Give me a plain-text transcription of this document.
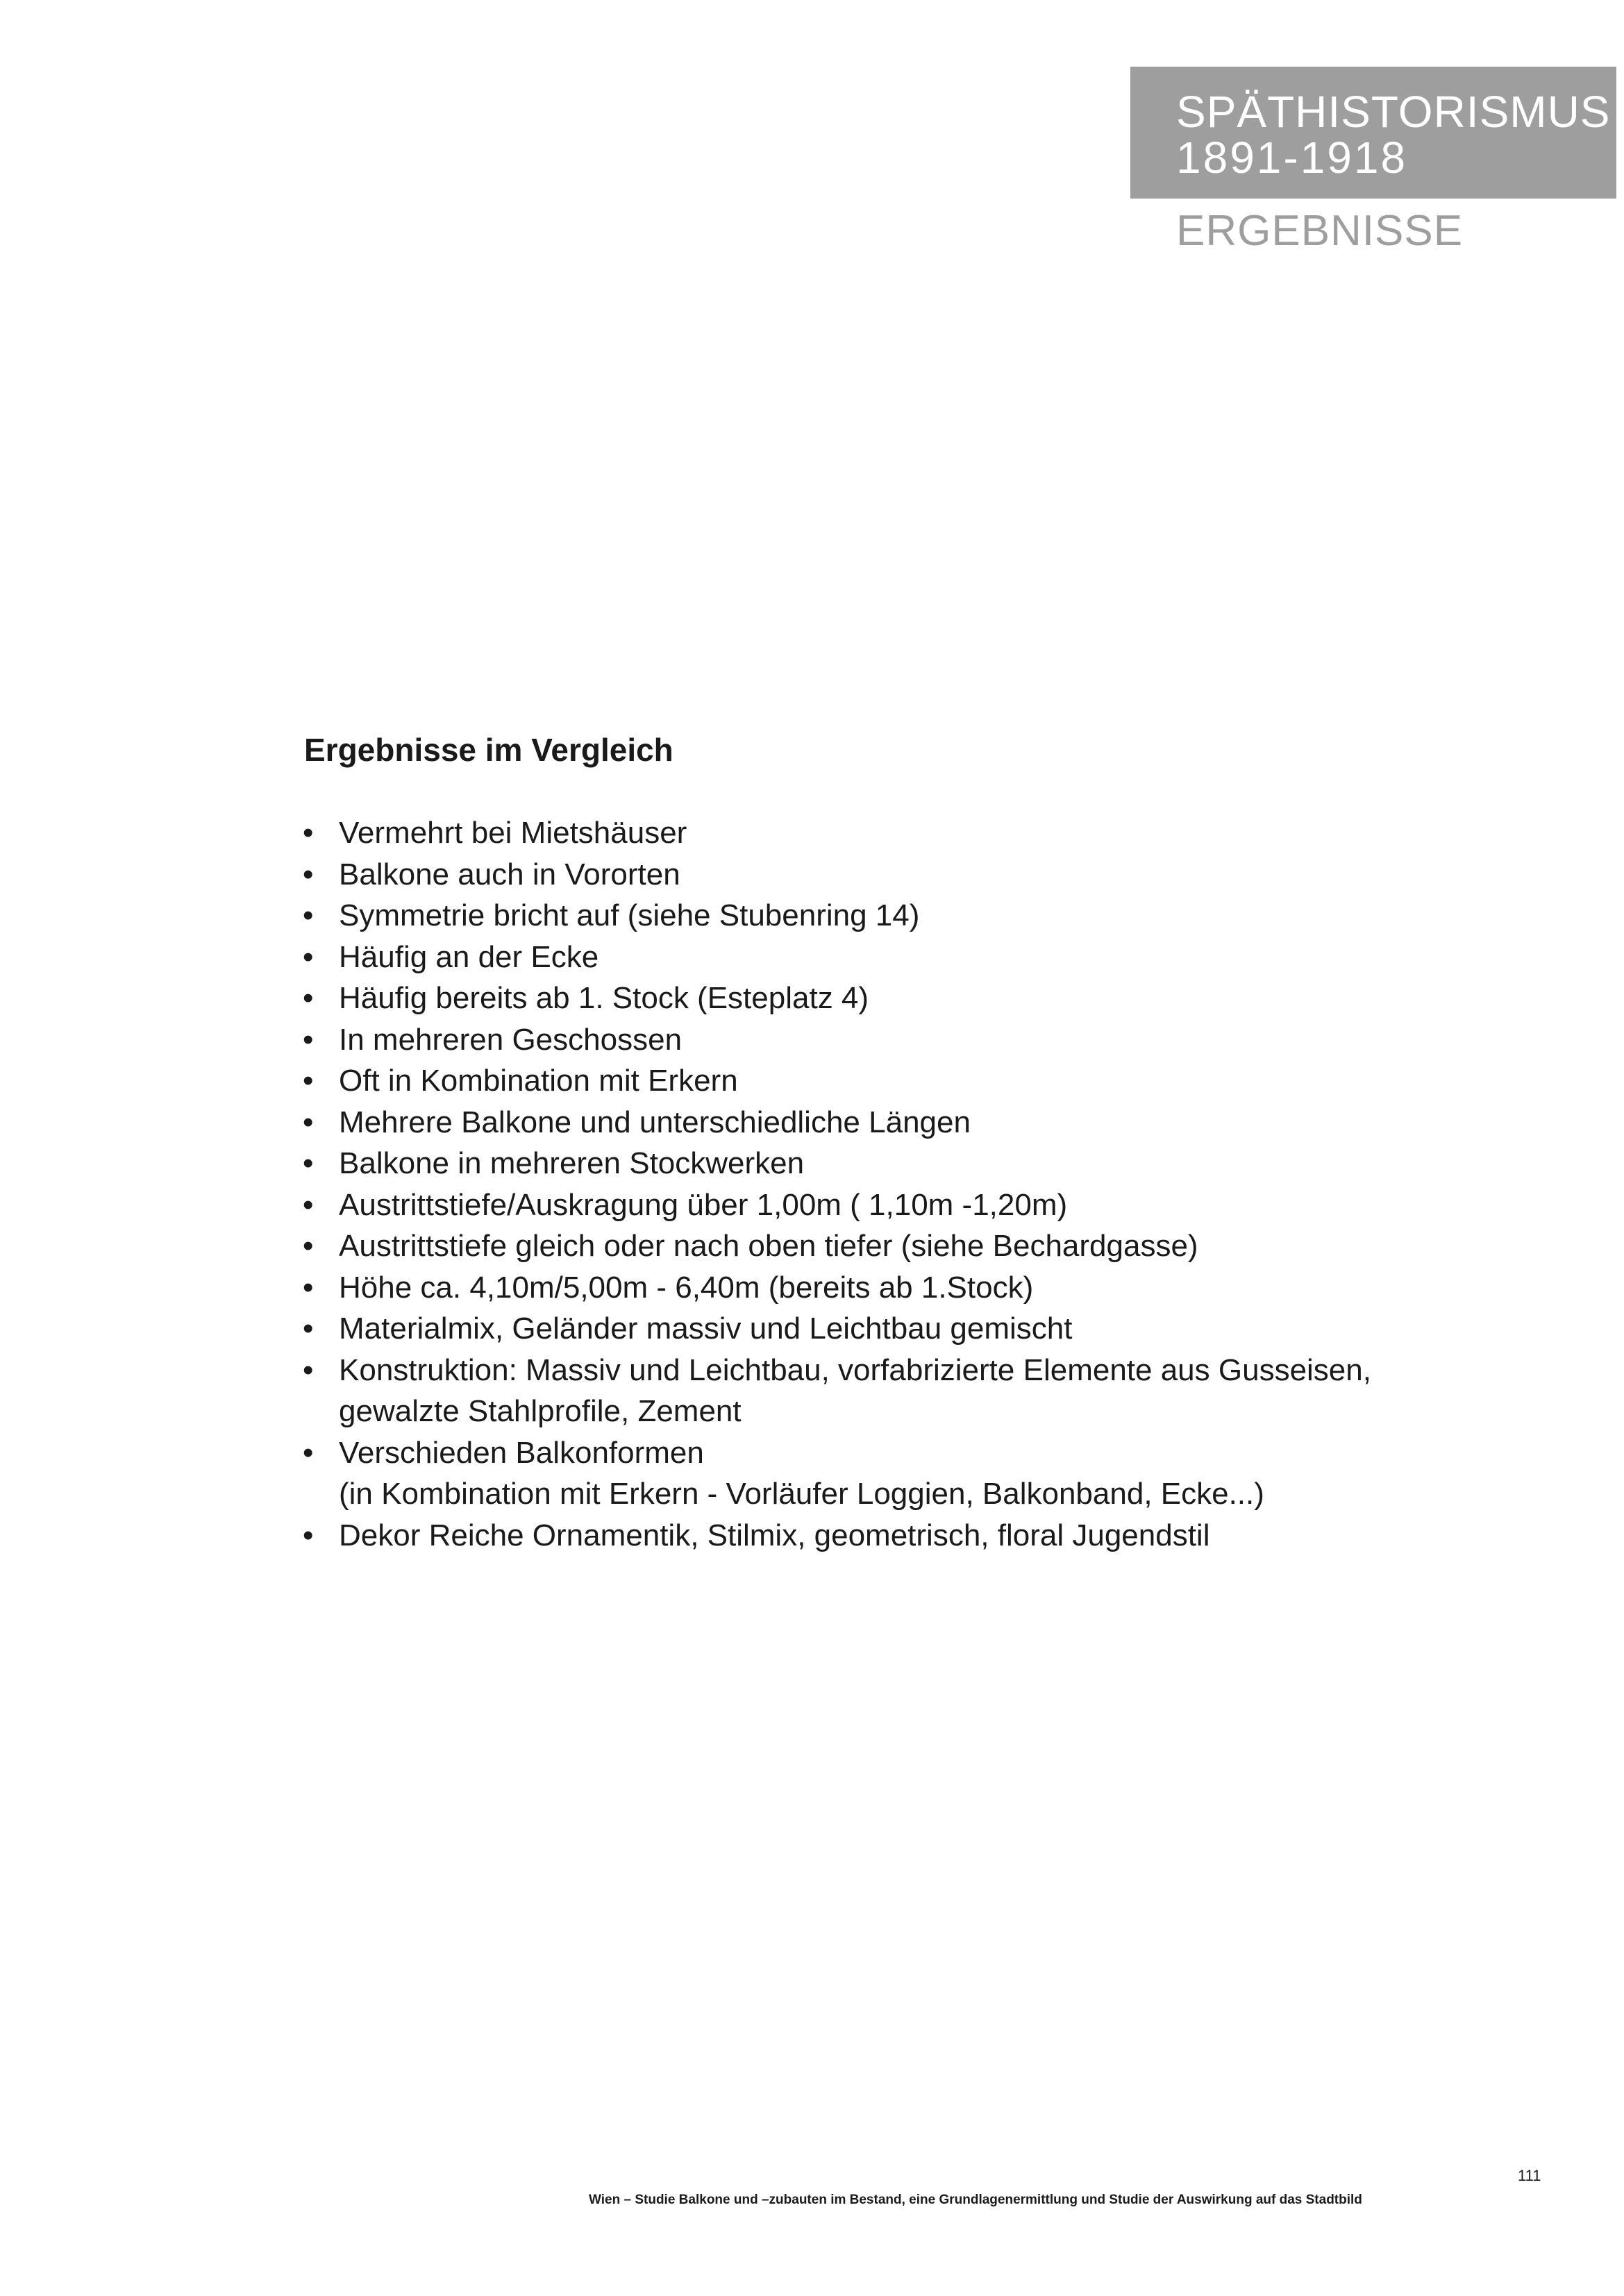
SPÄTHISTORISMUS
1891-1918
ERGEBNISSE
Ergebnisse im Vergleich
• Vermehrt bei Mietshäuser
• Balkone auch in Vororten
• Symmetrie bricht auf (siehe Stubenring 14)
• Häufig an der Ecke
• Häufig bereits ab 1. Stock (Esteplatz 4)
• In mehreren Geschossen
• Oft in Kombination mit Erkern
• Mehrere Balkone und unterschiedliche Längen
• Balkone in mehreren Stockwerken
• Austrittstiefe/Auskragung über 1,00m ( 1,10m -1,20m)
• Austrittstiefe gleich oder nach oben tiefer (siehe Bechardgasse)
• Höhe ca. 4,10m/5,00m - 6,40m (bereits ab 1.Stock)
• Materialmix, Geländer massiv und Leichtbau gemischt
• Konstruktion: Massiv und Leichtbau, vorfabrizierte Elemente aus Gusseisen,
gewalzte Stahlprofile, Zement
• Verschieden Balkonformen
(in Kombination mit Erkern - Vorläufer Loggien, Balkonband, Ecke...)
• Dekor Reiche Ornamentik, Stilmix, geometrisch, floral Jugendstil
111
Wien – Studie Balkone und –zubauten im Bestand, eine Grundlagenermittlung und Studie der Auswirkung auf das Stadtbild
